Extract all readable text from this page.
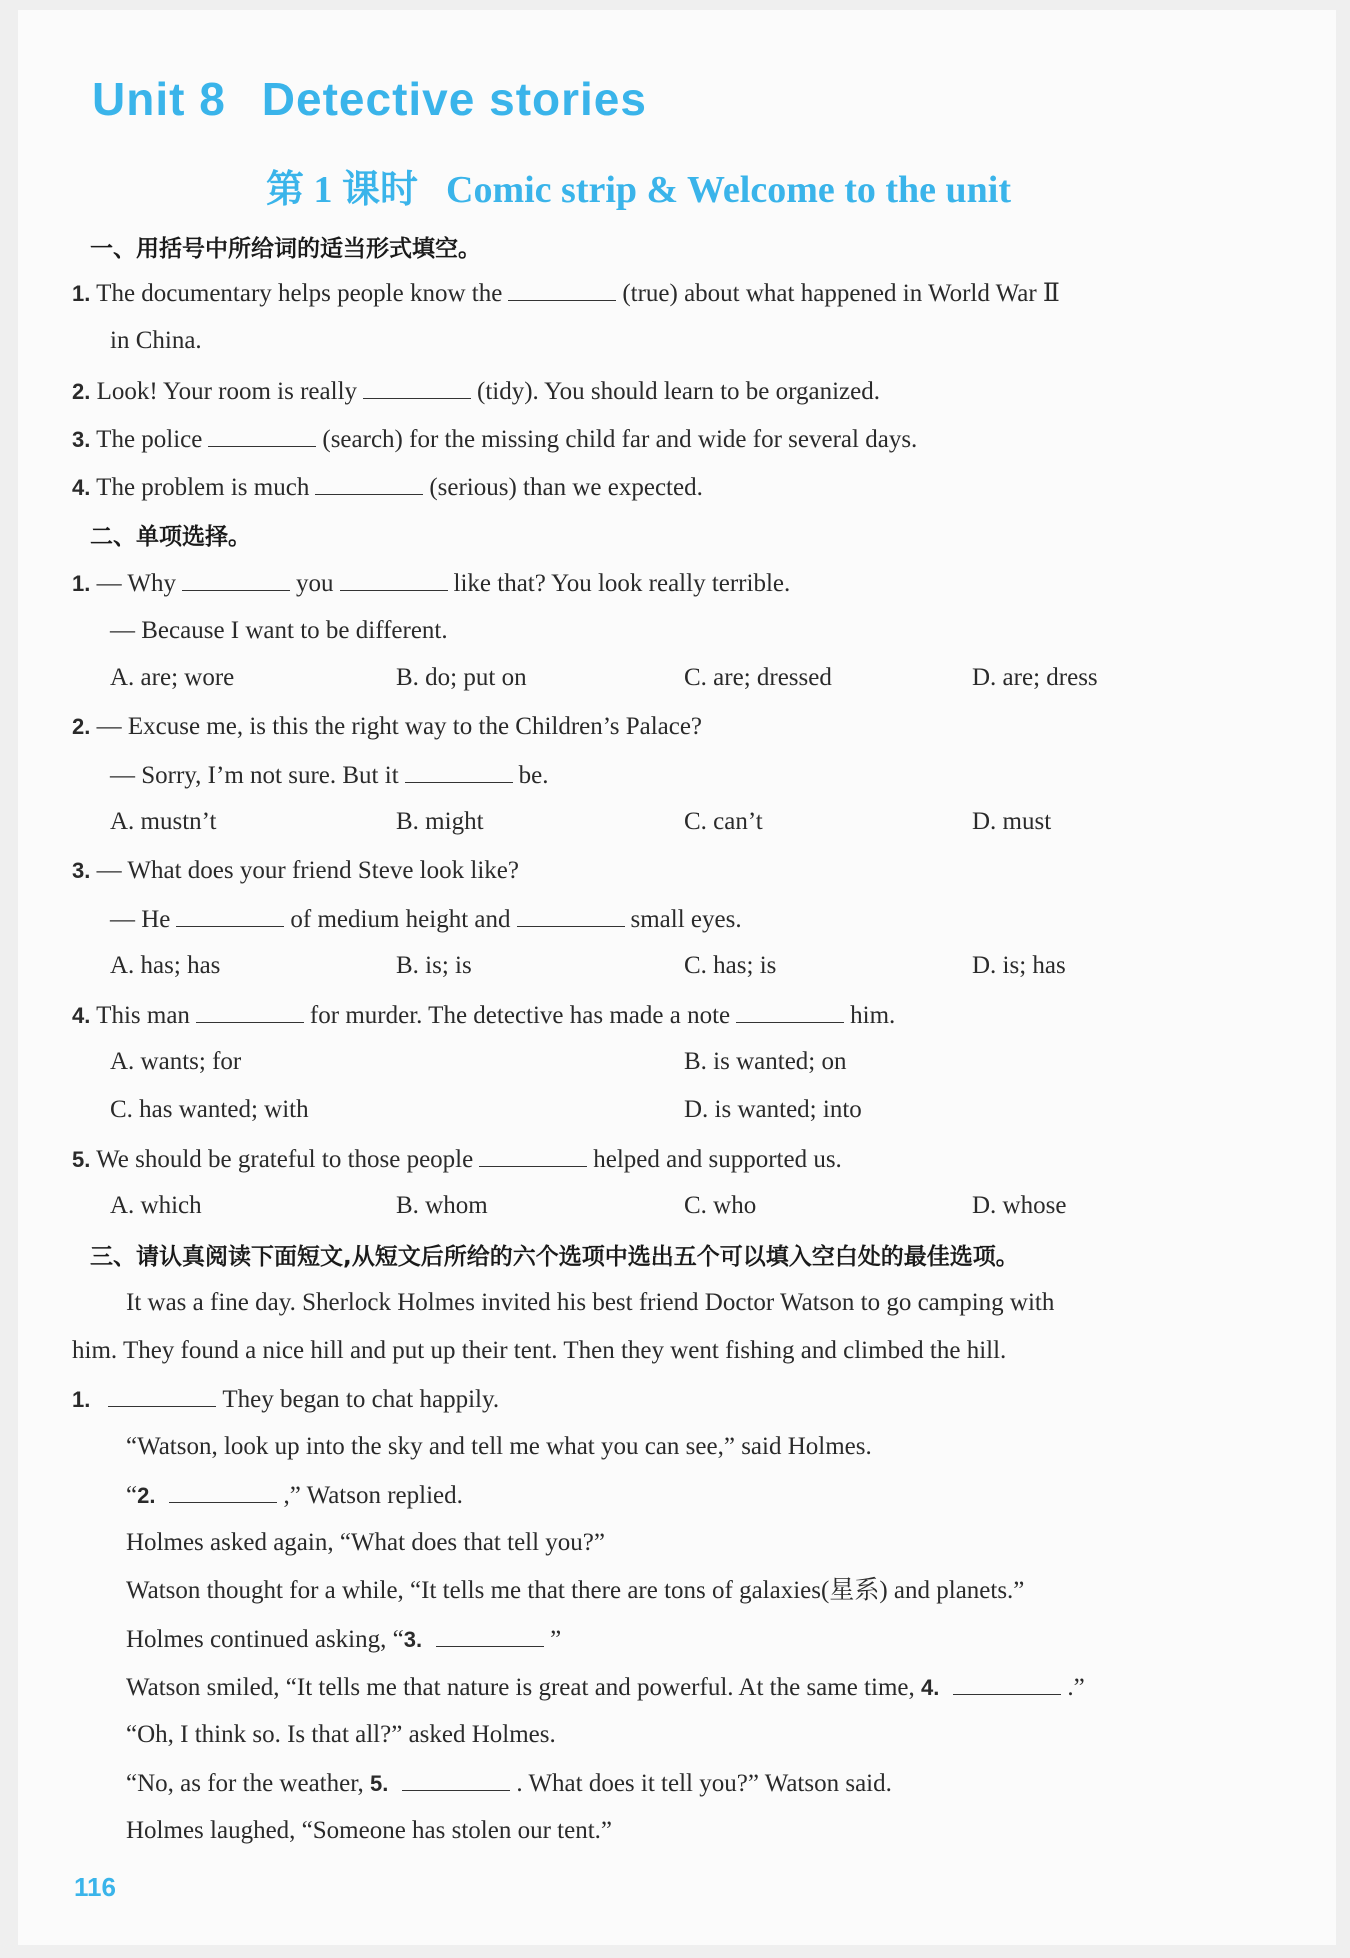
Unit 8 Detective stories
第 1 课时 Comic strip & Welcome to the unit
一、用括号中所给词的适当形式填空。
1. The documentary helps people know the	(true) about what happened in World War Ⅱ
in China.
2. Look! Your room is really	(tidy). You should learn to be organized.
3. The police	(search) for the missing child far and wide for several days.
4. The problem is much	(serious) than we expected.
二、单项选择。
1. — Why	you	like that? You look really terrible.
— Because I want to be different.
A. are; wore	B. do; put on	C. are; dressed	D. are; dress
2. — Excuse me, is this the right way to the Children’s Palace?
— Sorry, I’m not sure. But it	be.
A. mustn’t	B. might	C. can’t	D. must
3. — What does your friend Steve look like?
— He	of medium height and	small eyes.
A. has; has	B. is; is	C. has; is	D. is; has
4. This man	for murder. The detective has made a note	him.
A. wants; for	B. is wanted; on
C. has wanted; with	D. is wanted; into
5. We should be grateful to those people	helped and supported us.
A. which	B. whom	C. who	D. whose
三、请认真阅读下面短文,从短文后所给的六个选项中选出五个可以填入空白处的最佳选项。
It was a fine day. Sherlock Holmes invited his best friend Doctor Watson to go camping with
him. They found a nice hill and put up their tent. Then they went fishing and climbed the hill.
1.	They began to chat happily.
“Watson, look up into the sky and tell me what you can see,” said Holmes.
“2.	,” Watson replied.
Holmes asked again, “What does that tell you?”
Watson thought for a while, “It tells me that there are tons of galaxies(星系) and planets.”
Holmes continued asking, “3.	”
Watson smiled, “It tells me that nature is great and powerful. At the same time, 4.	.”
“Oh, I think so. Is that all?” asked Holmes.
“No, as for the weather, 5.	. What does it tell you?” Watson said.
Holmes laughed, “Someone has stolen our tent.”
116
